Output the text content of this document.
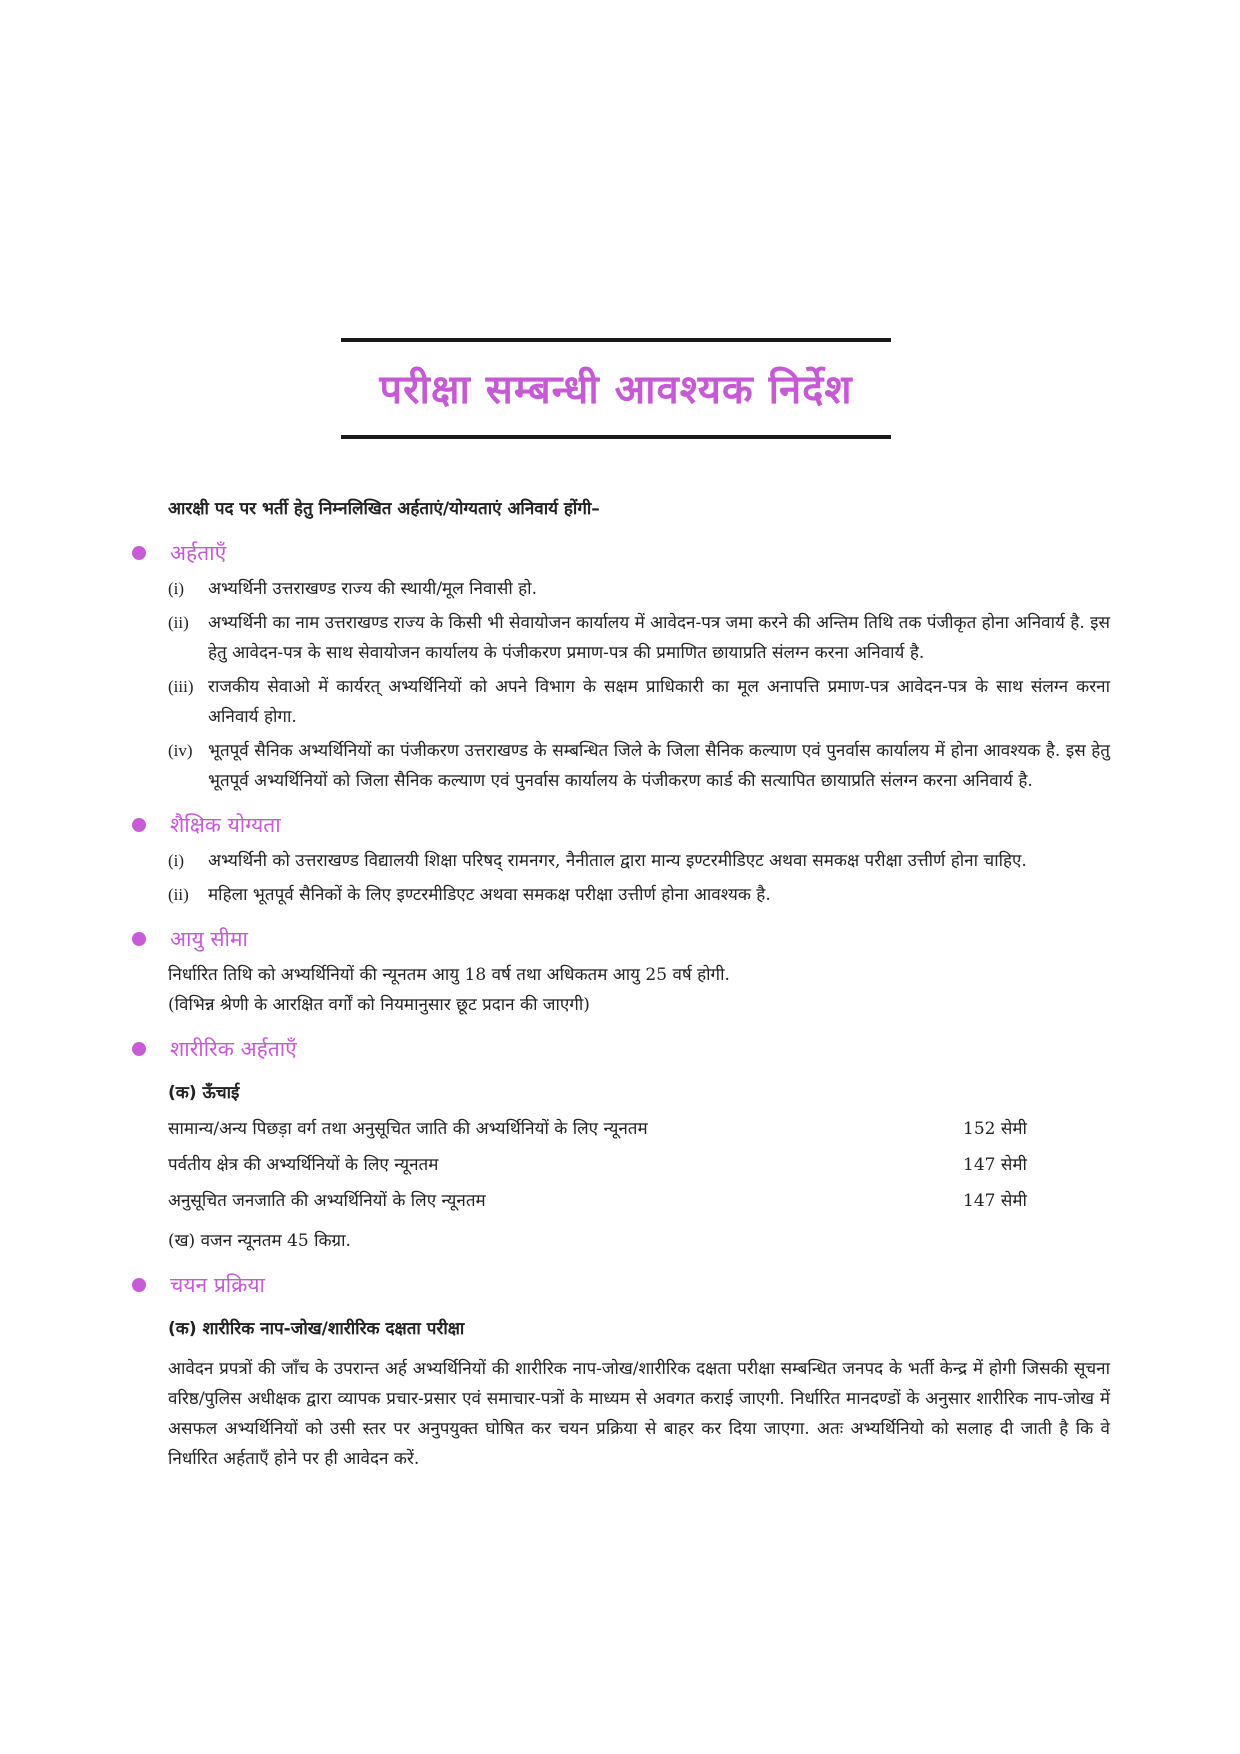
परीक्षा सम्बन्धी आवश्यक निर्देश
आरक्षी पद पर भर्ती हेतु निम्नलिखित अर्हताएं/योग्यताएं अनिवार्य होंगी–
अर्हताएँ
(i)	अभ्यर्थिनी उत्तराखण्ड राज्य की स्थायी/मूल निवासी हो.
(ii)	अभ्यर्थिनी का नाम उत्तराखण्ड राज्य के किसी भी सेवायोजन कार्यालय में आवेदन-पत्र जमा करने की अन्तिम तिथि तक पंजीकृत होना अनिवार्य है. इस हेतु आवेदन-पत्र के साथ सेवायोजन कार्यालय के पंजीकरण प्रमाण-पत्र की प्रमाणित छायाप्रति संलग्न करना अनिवार्य है.
(iii) राजकीय सेवाओ में कार्यरत् अभ्यर्थिनियों को अपने विभाग के सक्षम प्राधिकारी का मूल अनापत्ति प्रमाण-पत्र आवेदन-पत्र के साथ संलग्न करना अनिवार्य होगा.
(iv) भूतपूर्व सैनिक अभ्यर्थिनियों का पंजीकरण उत्तराखण्ड के सम्बन्धित जिले के जिला सैनिक कल्याण एवं पुनर्वास कार्यालय में होना आवश्यक है. इस हेतु भूतपूर्व अभ्यर्थिनियों को जिला सैनिक कल्याण एवं पुनर्वास कार्यालय के पंजीकरण कार्ड की सत्यापित छायाप्रति संलग्न करना अनिवार्य है.
शैक्षिक योग्यता
(i)	अभ्यर्थिनी को उत्तराखण्ड विद्यालयी शिक्षा परिषद् रामनगर, नैनीताल द्वारा मान्य इण्टरमीडिएट अथवा समकक्ष परीक्षा उत्तीर्ण होना चाहिए.
(ii)	महिला भूतपूर्व सैनिकों के लिए इण्टरमीडिएट अथवा समकक्ष परीक्षा उत्तीर्ण होना आवश्यक है.
आयु सीमा
निर्धारित तिथि को अभ्यर्थिनियों की न्यूनतम आयु 18 वर्ष तथा अधिकतम आयु 25 वर्ष होगी.
(विभिन्न श्रेणी के आरक्षित वर्गों को नियमानुसार छूट प्रदान की जाएगी)
शारीरिक अर्हताएँ
(क) ऊँचाई
सामान्य/अन्य पिछड़ा वर्ग तथा अनुसूचित जाति की अभ्यर्थिनियों के लिए न्यूनतम	152 सेमी
पर्वतीय क्षेत्र की अभ्यर्थिनियों के लिए न्यूनतम	147 सेमी
अनुसूचित जनजाति की अभ्यर्थिनियों के लिए न्यूनतम	147 सेमी
(ख) वजन न्यूनतम 45 किग्रा.
चयन प्रक्रिया
(क) शारीरिक नाप-जोख/शारीरिक दक्षता परीक्षा
आवेदन प्रपत्रों की जाँच के उपरान्त अर्ह अभ्यर्थिनियों की शारीरिक नाप-जोख/शारीरिक दक्षता परीक्षा सम्बन्धित जनपद के भर्ती केन्द्र में होगी जिसकी सूचना वरिष्ठ/पुलिस अधीक्षक द्वारा व्यापक प्रचार-प्रसार एवं समाचार-पत्रों के माध्यम से अवगत कराई जाएगी. निर्धारित मानदण्डों के अनुसार शारीरिक नाप-जोख में असफल अभ्यर्थिनियों को उसी स्तर पर अनुपयुक्त घोषित कर चयन प्रक्रिया से बाहर कर दिया जाएगा. अतः अभ्यर्थिनियो को सलाह दी जाती है कि वे निर्धारित अर्हताएँ होने पर ही आवेदन करें.
